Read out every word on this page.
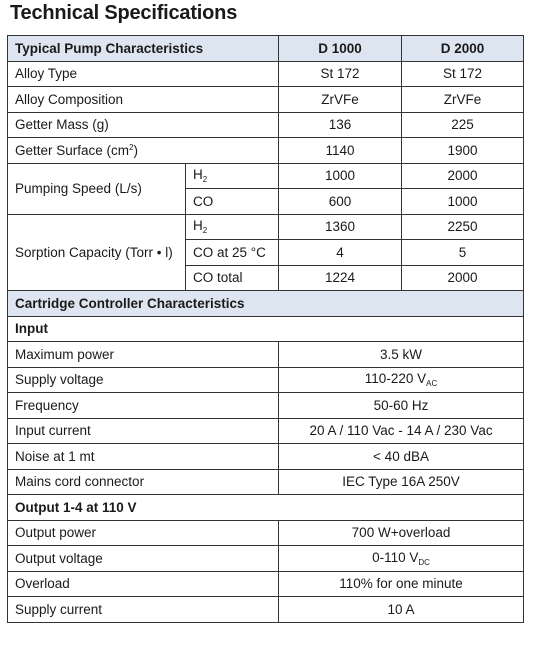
Technical Specifications
Typical Pump Characteristics		D 1000	D 2000
Alloy Type		St 172	St 172
Alloy Composition		ZrVFe	ZrVFe
Getter Mass (g)		136	225
Getter Surface $(cm^2)$		1140	1900
Pumping Speed (L/s)	$H_2$	1000	2000
	CO	600	1000
Sorption Capacity (Torr • l)	$H_2$	1360	2250
	CO at 25 °C	4	5
	CO total	1224	2000
Cartridge Controller Characteristics			
Input			
Maximum power		3.5 kW	
Supply voltage		110-220 $V_{AC}$
Frequency		50-60 Hz	
Input current		20 A / 110 Vac - 14 A / 230 Vac	
Noise at 1 mt		< 40 dBA	
Mains cord connector		IEC Type 16A 250V	
Output 1-4 at 110 V			
Output power		700 W+overload	
Output voltage		0-110 $V_{DC}$
Overload		110% for one minute	
Supply current		10 A	
